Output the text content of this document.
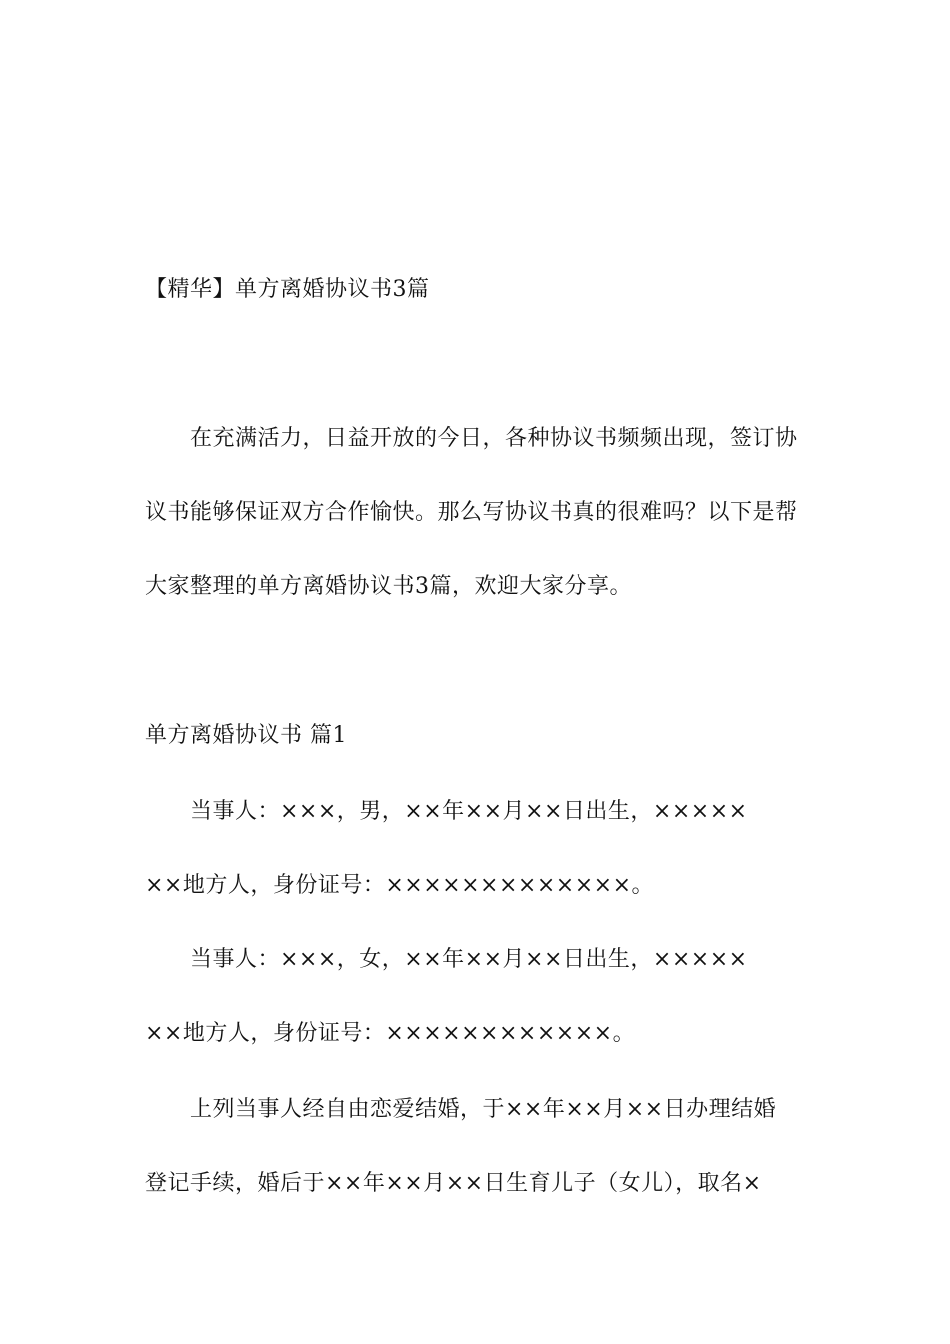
【精华】单方离婚协议书3篇
在充满活力，日益开放的今日，各种协议书频频出现，签订协
议书能够保证双方合作愉快。那么写协议书真的很难吗？以下是帮
大家整理的单方离婚协议书3篇，欢迎大家分享。
单方离婚协议书 篇1
当事人：×××，男，××年××月××日出生，×××××
××地方人，身份证号：×××××××××××××。
当事人：×××，女，××年××月××日出生，×××××
××地方人，身份证号：××××××××××××。
上列当事人经自由恋爱结婚，于××年××月××日办理结婚
登记手续，婚后于××年××月××日生育儿子（女儿），取名×
